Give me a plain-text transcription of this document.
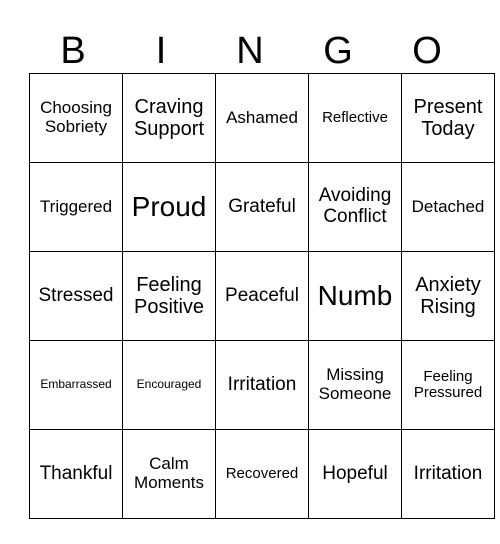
B	I	N	G	O
Choosing Sobriety	Craving Support	Ashamed	Reflective	Present Today
Triggered	Proud	Grateful	Avoiding Conflict	Detached
Stressed	Feeling Positive	Peaceful	Numb	Anxiety Rising
Embarrassed	Encouraged	Irritation	Missing Someone	Feeling Pressured
Thankful	Calm Moments	Recovered	Hopeful	Irritation
